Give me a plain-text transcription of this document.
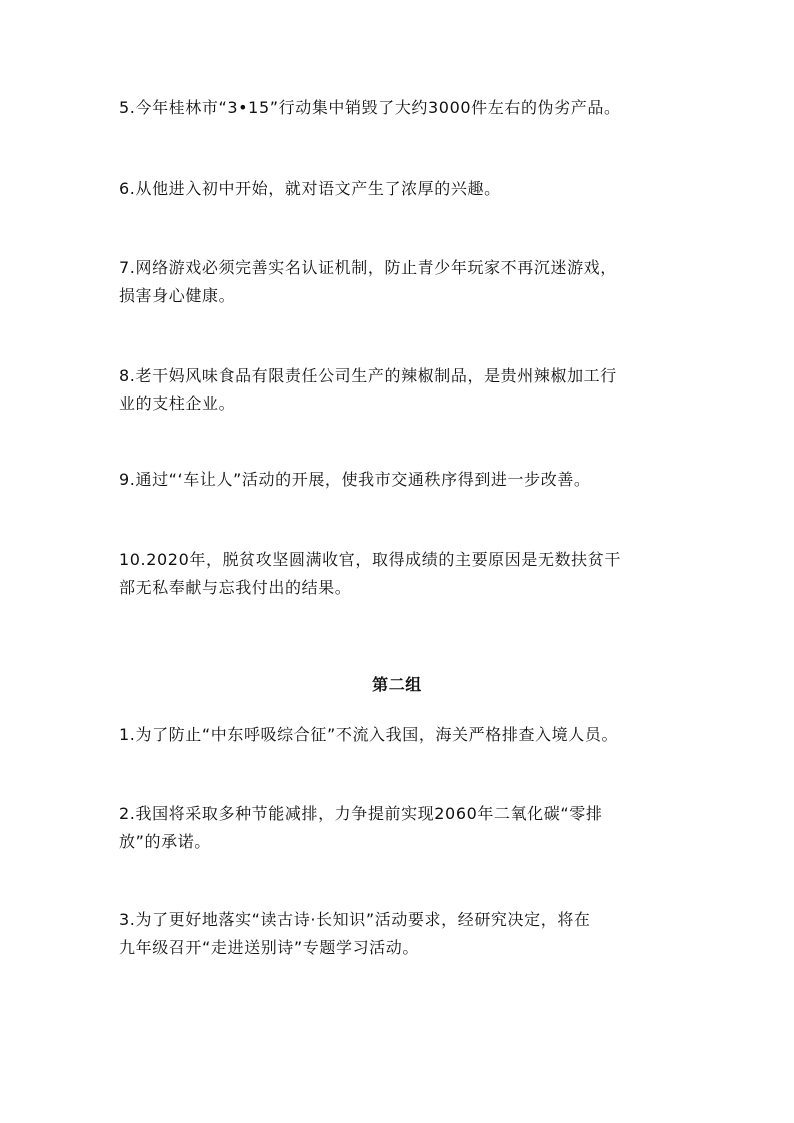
5.今年桂林市“3•15”行动集中销毁了大约3000件左右的伪劣产品。
6.从他进入初中开始，就对语文产生了浓厚的兴趣。
7.网络游戏必须完善实名认证机制，防止青少年玩家不再沉迷游戏，
损害身心健康。
8.老干妈风味食品有限责任公司生产的辣椒制品，是贵州辣椒加工行
业的支柱企业。
9.通过“‘车让人”活动的开展，使我市交通秩序得到进一步改善。
10.2020年，脱贫攻坚圆满收官，取得成绩的主要原因是无数扶贫干
部无私奉献与忘我付出的结果。
第二组
1.为了防止“中东呼吸综合征”不流入我国，海关严格排查入境人员。
2.我国将采取多种节能减排，力争提前实现2060年二氧化碳“零排
放”的承诺。
3.为了更好地落实“读古诗·长知识”活动要求，经研究决定，将在
九年级召开“走进送别诗”专题学习活动。
